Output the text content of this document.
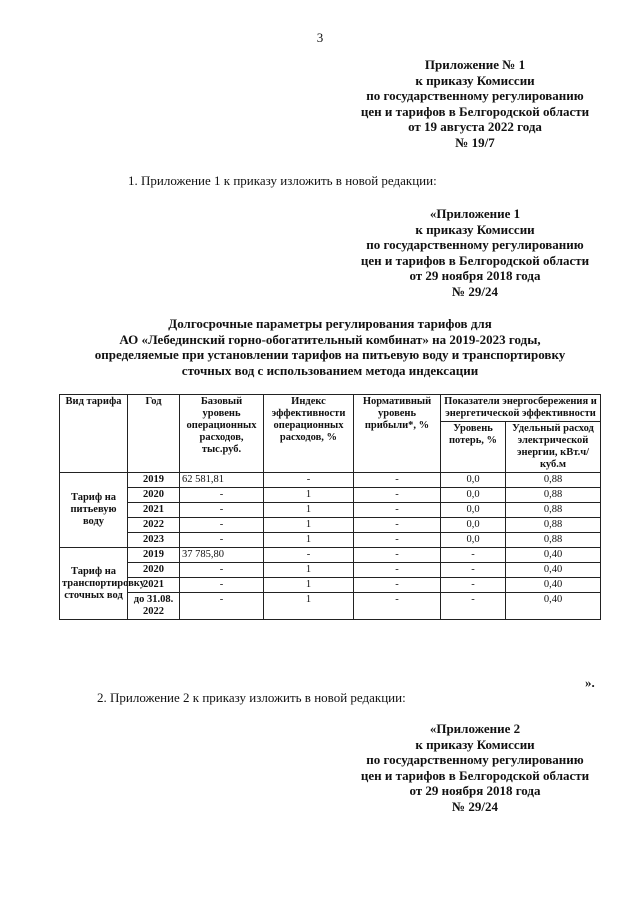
3
Приложение № 1
к приказу Комиссии
по государственному регулированию
цен и тарифов в Белгородской области
от 19 августа 2022 года
№ 19/7
1. Приложение 1 к приказу изложить в новой редакции:
«Приложение 1
к приказу Комиссии
по государственному регулированию
цен и тарифов в Белгородской области
от 29 ноября 2018 года
№ 29/24
Долгосрочные параметры регулирования тарифов для
АО «Лебединский горно-обогатительный комбинат» на 2019-2023 годы,
определяемые при установлении тарифов на питьевую воду и транспортировку
сточных вод с использованием метода индексации
Вид тарифа	Год	Базовый уровень операционных расходов, тыс.руб.	Индекс эффективности операционных расходов, %	Нормативный уровень прибыли*, %	Показатели энергосбережения и энергетической эффективности	
					Уровень потерь, %	Удельный расход электрической энергии, кВт.ч/куб.м
Тариф на питьевую воду	2019	62 581,81	-	-	0,0	0,88
	2020	-	1	-	0,0	0,88
	2021	-	1	-	0,0	0,88
	2022	-	1	-	0,0	0,88
	2023	-	1	-	0,0	0,88
Тариф на транспортировку сточных вод	2019	37 785,80	-	-	-	0,40
	2020	-	1	-	-	0,40
	2021	-	1	-	-	0,40
	до 31.08. 2022	-	1	-	-	0,40
».
2. Приложение 2 к приказу изложить в новой редакции:
«Приложение 2
к приказу Комиссии
по государственному регулированию
цен и тарифов в Белгородской области
от 29 ноября 2018 года
№ 29/24
